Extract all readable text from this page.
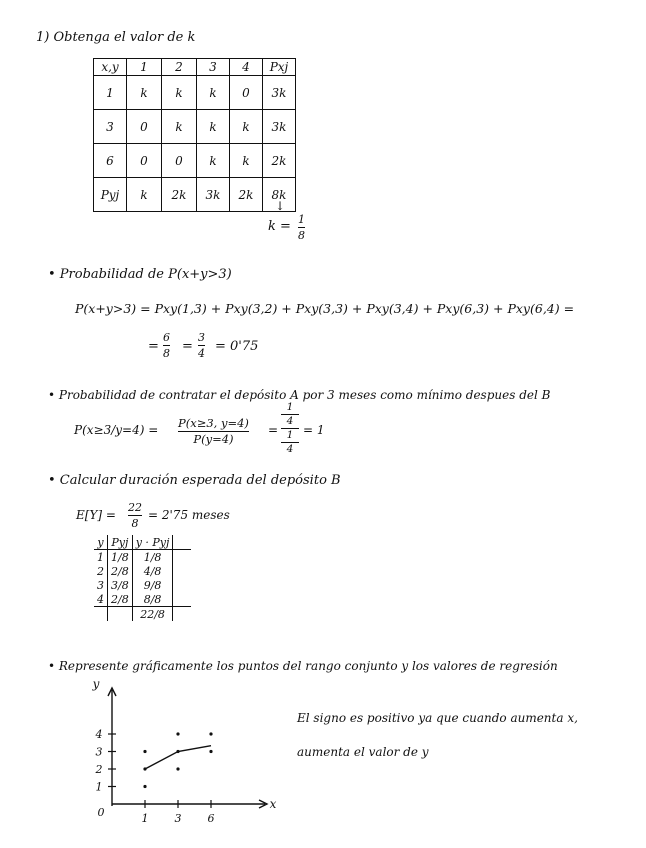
1) Obtenga el valor de k
x,y	1	2	3	4	Pxj
1	k	k	k	0	3k
3	0	k	k	k	3k
6	0	0	k	k	2k
Pyj	k	2k	3k	2k	8k
↓
k = 1
8
• Probabilidad de P(x+y>3)
P(x+y>3) = Pxy(1,3) + Pxy(3,2) + Pxy(3,3) + Pxy(3,4) + Pxy(6,3) + Pxy(6,4) =
=
6
8 =
3
4 = 0'75
• Probabilidad de contratar el depósito A por 3 meses como mínimo despues del B
P(x≥3/y=4) = P(x≥3, y=4)
P(y=4)
=
1
4
1
4
= 1
• Calcular duración esperada del depósito B
E[Y] =
22
8
= 2'75 meses
y	Pyj	y · Pyj	
1	1/8	1/8	
2	2/8	4/8	
3	3/8	9/8	
4	2/8	8/8	
		22/8	
• Represente gráficamente los puntos del rango conjunto y los valores de regresión
El signo es positivo ya que cuando aumenta x,
aumenta el valor de y
1 3 6
1
2
3
4
0
y
x
